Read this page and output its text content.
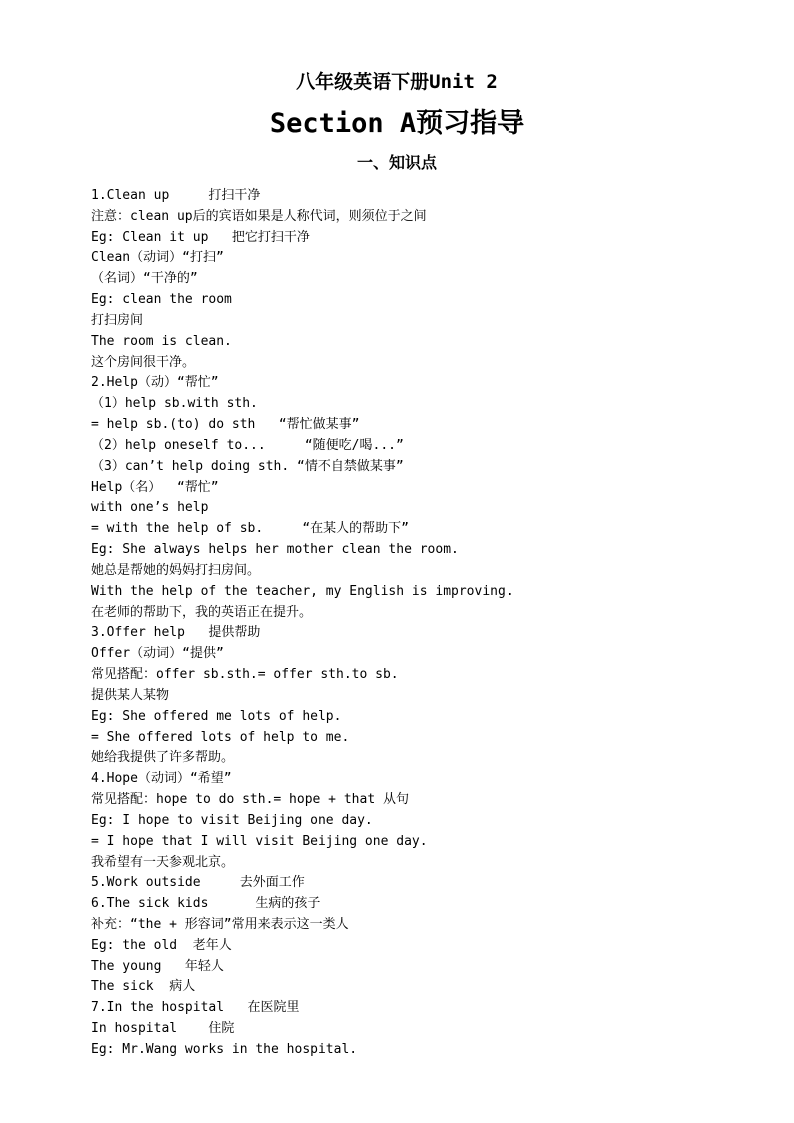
八年级英语下册Unit 2
Section A预习指导
一、知识点
1.Clean up     打扫干净
注意：clean up后的宾语如果是人称代词，则须位于之间
Eg: Clean it up   把它打扫干净
Clean（动词）“打扫”
（名词）“干净的”
Eg: clean the room
打扫房间
The room is clean.
这个房间很干净。
2.Help（动）“帮忙”
（1）help sb.with sth.
= help sb.(to) do sth   “帮忙做某事”
（2）help oneself to...     “随便吃/喝...”
（3）can’t help doing sth. “情不自禁做某事”
Help（名）  “帮忙”
with one’s help
= with the help of sb.     “在某人的帮助下”
Eg: She always helps her mother clean the room.
她总是帮她的妈妈打扫房间。
With the help of the teacher, my English is improving.
在老师的帮助下，我的英语正在提升。
3.Offer help   提供帮助
Offer（动词）“提供”
常见搭配：offer sb.sth.= offer sth.to sb.
提供某人某物
Eg: She offered me lots of help.
= She offered lots of help to me.
她给我提供了许多帮助。
4.Hope（动词）“希望”
常见搭配：hope to do sth.= hope + that 从句
Eg: I hope to visit Beijing one day.
= I hope that I will visit Beijing one day.
我希望有一天参观北京。
5.Work outside     去外面工作
6.The sick kids      生病的孩子
补充：“the + 形容词”常用来表示这一类人
Eg: the old  老年人
The young   年轻人
The sick  病人
7.In the hospital   在医院里
In hospital    住院
Eg: Mr.Wang works in the hospital.
